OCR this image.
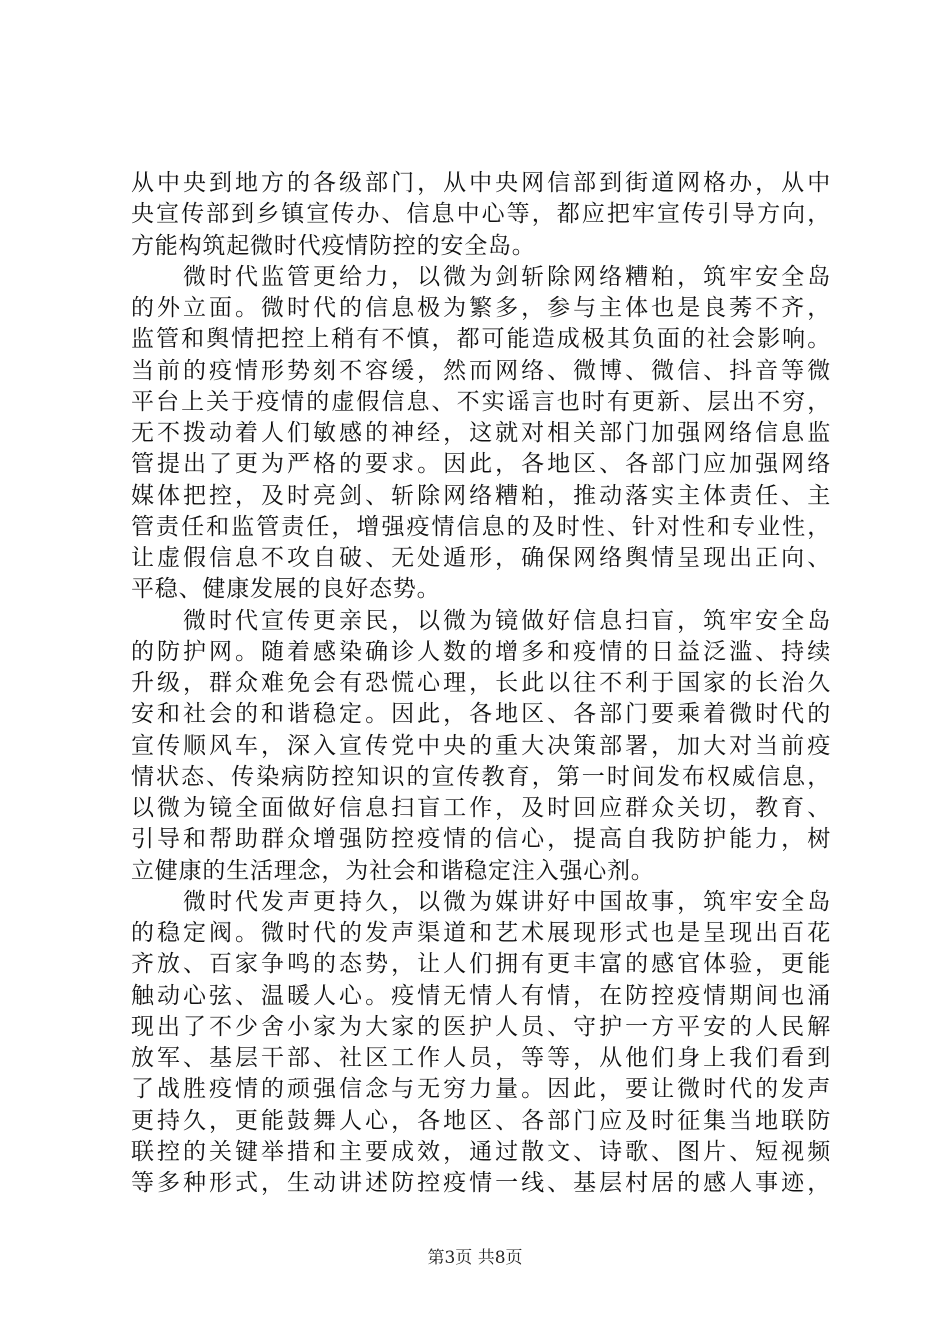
从中央到地方的各级部门，从中央网信部到街道网格办，从中
央宣传部到乡镇宣传办、信息中心等，都应把牢宣传引导方向，
方能构筑起微时代疫情防控的安全岛。
　　微时代监管更给力，以微为剑斩除网络糟粕，筑牢安全岛
的外立面。微时代的信息极为繁多，参与主体也是良莠不齐，
监管和舆情把控上稍有不慎，都可能造成极其负面的社会影响。
当前的疫情形势刻不容缓，然而网络、微博、微信、抖音等微
平台上关于疫情的虚假信息、不实谣言也时有更新、层出不穷，
无不拨动着人们敏感的神经，这就对相关部门加强网络信息监
管提出了更为严格的要求。因此，各地区、各部门应加强网络
媒体把控，及时亮剑、斩除网络糟粕，推动落实主体责任、主
管责任和监管责任，增强疫情信息的及时性、针对性和专业性，
让虚假信息不攻自破、无处遁形，确保网络舆情呈现出正向、
平稳、健康发展的良好态势。
　　微时代宣传更亲民，以微为镜做好信息扫盲，筑牢安全岛
的防护网。随着感染确诊人数的增多和疫情的日益泛滥、持续
升级，群众难免会有恐慌心理，长此以往不利于国家的长治久
安和社会的和谐稳定。因此，各地区、各部门要乘着微时代的
宣传顺风车，深入宣传党中央的重大决策部署，加大对当前疫
情状态、传染病防控知识的宣传教育，第一时间发布权威信息，
以微为镜全面做好信息扫盲工作，及时回应群众关切，教育、
引导和帮助群众增强防控疫情的信心，提高自我防护能力，树
立健康的生活理念，为社会和谐稳定注入强心剂。
　　微时代发声更持久，以微为媒讲好中国故事，筑牢安全岛
的稳定阀。微时代的发声渠道和艺术展现形式也是呈现出百花
齐放、百家争鸣的态势，让人们拥有更丰富的感官体验，更能
触动心弦、温暖人心。疫情无情人有情，在防控疫情期间也涌
现出了不少舍小家为大家的医护人员、守护一方平安的人民解
放军、基层干部、社区工作人员，等等，从他们身上我们看到
了战胜疫情的顽强信念与无穷力量。因此，要让微时代的发声
更持久，更能鼓舞人心，各地区、各部门应及时征集当地联防
联控的关键举措和主要成效，通过散文、诗歌、图片、短视频
等多种形式，生动讲述防控疫情一线、基层村居的感人事迹，
第3页 共8页
